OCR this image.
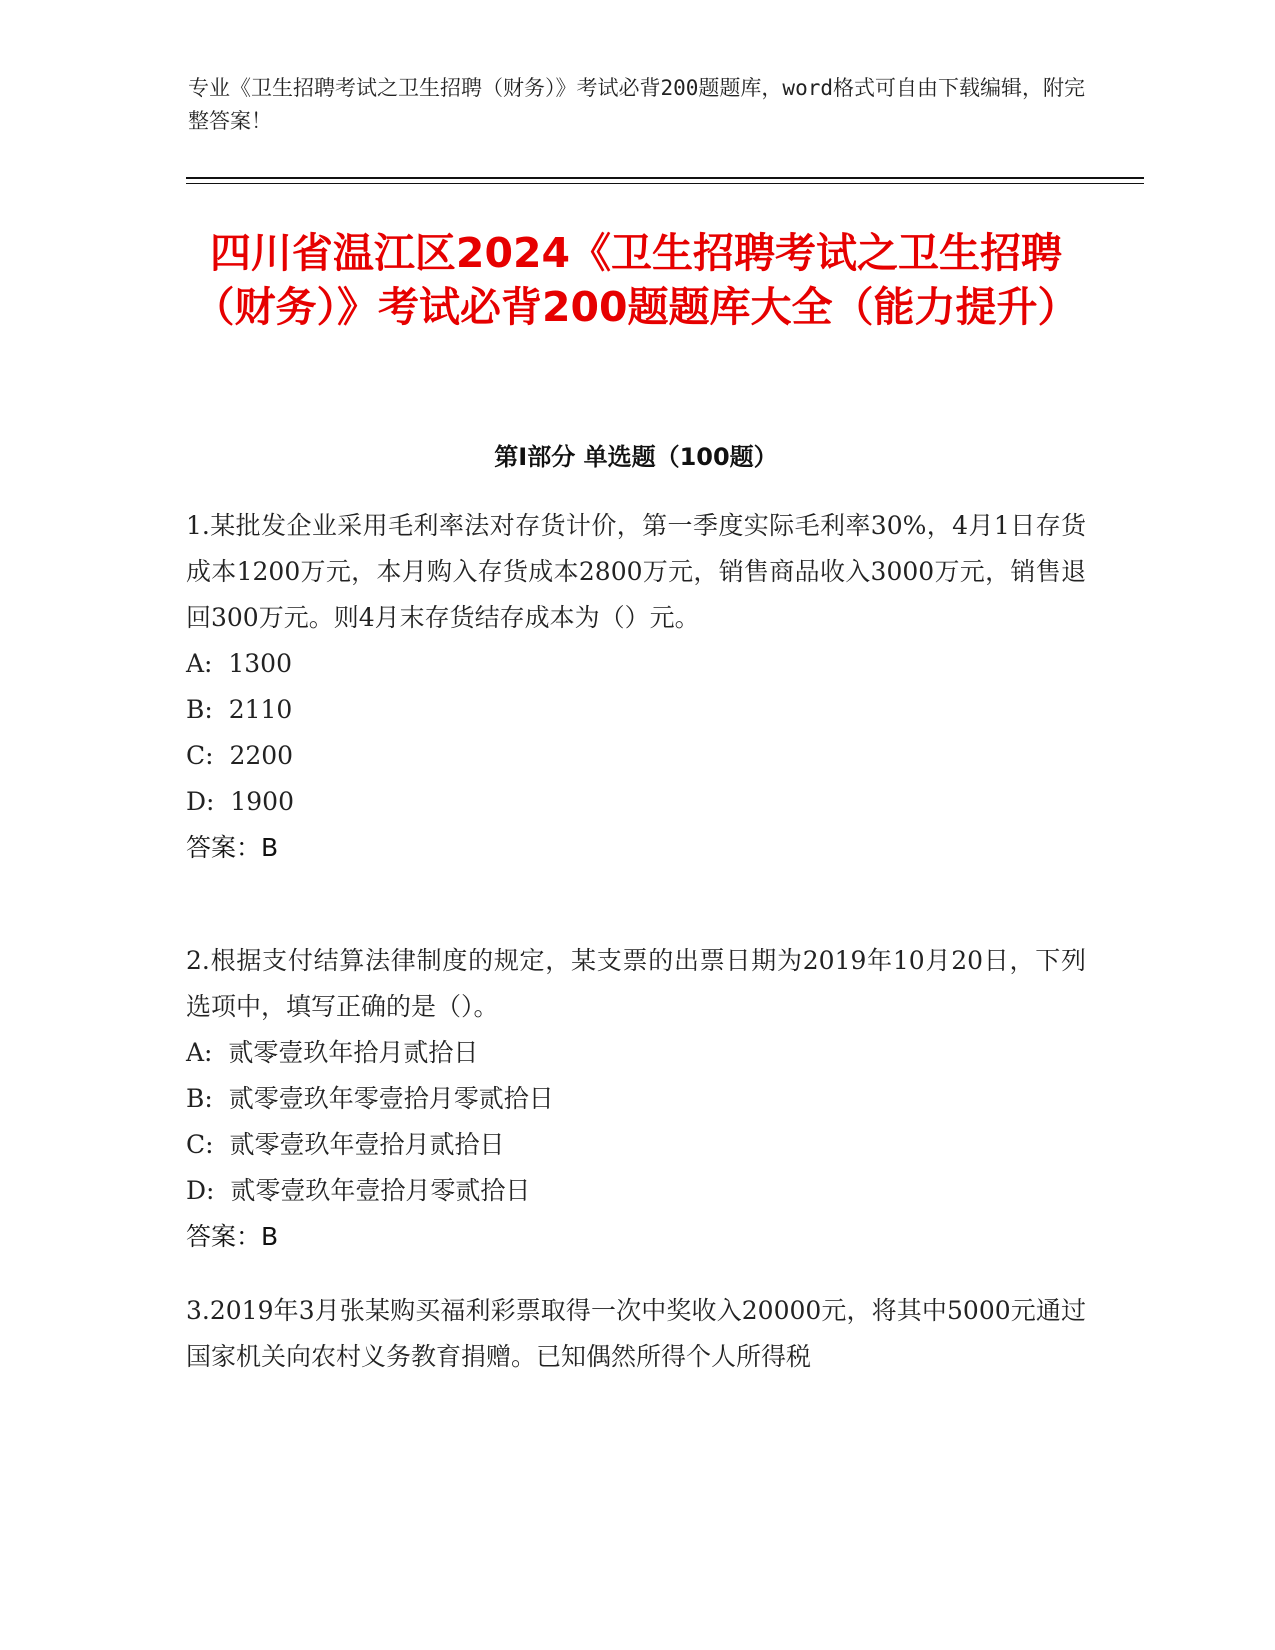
专业《卫生招聘考试之卫生招聘（财务）》考试必背200题题库，word格式可自由下载编辑，附完整答案！
四川省温江区2024《卫生招聘考试之卫生招聘（财务）》考试必背200题题库大全（能力提升）
第Ⅰ部分 单选题（100题）
1.某批发企业采用毛利率法对存货计价，第一季度实际毛利率30%，4月1日存货成本1200万元，本月购入存货成本2800万元，销售商品收入3000万元，销售退回300万元。则4月末存货结存成本为（）元。
A:  1300
B:  2110
C:  2200
D:  1900
答案：B
2.根据支付结算法律制度的规定，某支票的出票日期为2019年10月20日，下列选项中，填写正确的是（）。
A:  贰零壹玖年拾月贰拾日
B:  贰零壹玖年零壹拾月零贰拾日
C:  贰零壹玖年壹拾月贰拾日
D:  贰零壹玖年壹拾月零贰拾日
答案：B
3.2019年3月张某购买福利彩票取得一次中奖收入20000元，将其中5000元通过国家机关向农村义务教育捐赠。已知偶然所得个人所得税
